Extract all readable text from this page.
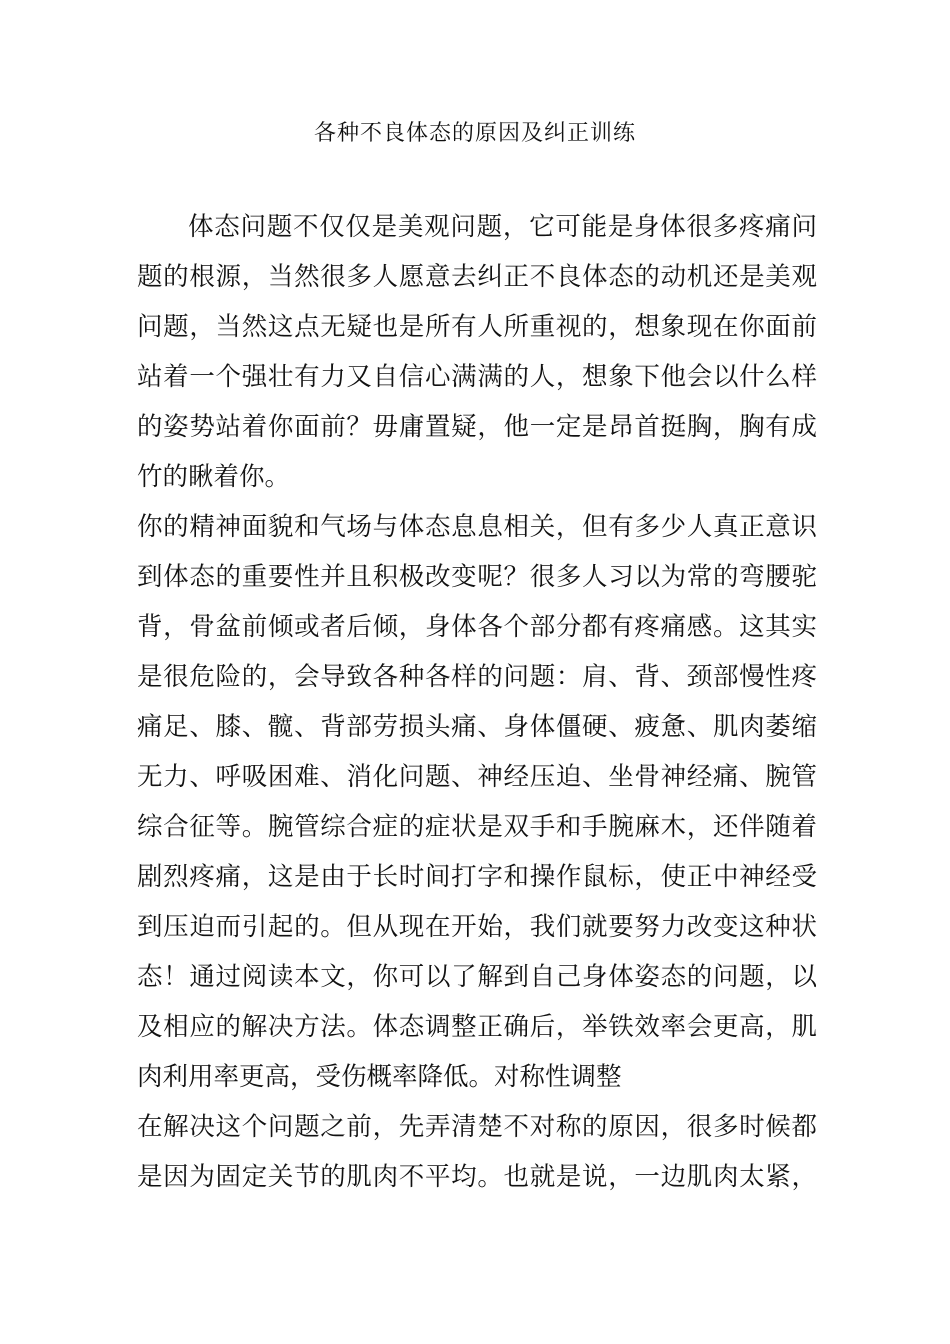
各种不良体态的原因及纠正训练
体态问题不仅仅是美观问题，它可能是身体很多疼痛问
题的根源，当然很多人愿意去纠正不良体态的动机还是美观
问题，当然这点无疑也是所有人所重视的，想象现在你面前
站着一个强壮有力又自信心满满的人，想象下他会以什么样
的姿势站着你面前？毋庸置疑，他一定是昂首挺胸，胸有成
竹的瞅着你。
你的精神面貌和气场与体态息息相关，但有多少人真正意识
到体态的重要性并且积极改变呢？很多人习以为常的弯腰驼
背，骨盆前倾或者后倾，身体各个部分都有疼痛感。这其实
是很危险的，会导致各种各样的问题：肩、背、颈部慢性疼
痛足、膝、髋、背部劳损头痛、身体僵硬、疲惫、肌肉萎缩
无力、呼吸困难、消化问题、神经压迫、坐骨神经痛、腕管
综合征等。腕管综合症的症状是双手和手腕麻木，还伴随着
剧烈疼痛，这是由于长时间打字和操作鼠标，使正中神经受
到压迫而引起的。但从现在开始，我们就要努力改变这种状
态！通过阅读本文，你可以了解到自己身体姿态的问题，以
及相应的解决方法。体态调整正确后，举铁效率会更高，肌
肉利用率更高，受伤概率降低。对称性调整
在解决这个问题之前，先弄清楚不对称的原因，很多时候都
是因为固定关节的肌肉不平均。也就是说，一边肌肉太紧，
